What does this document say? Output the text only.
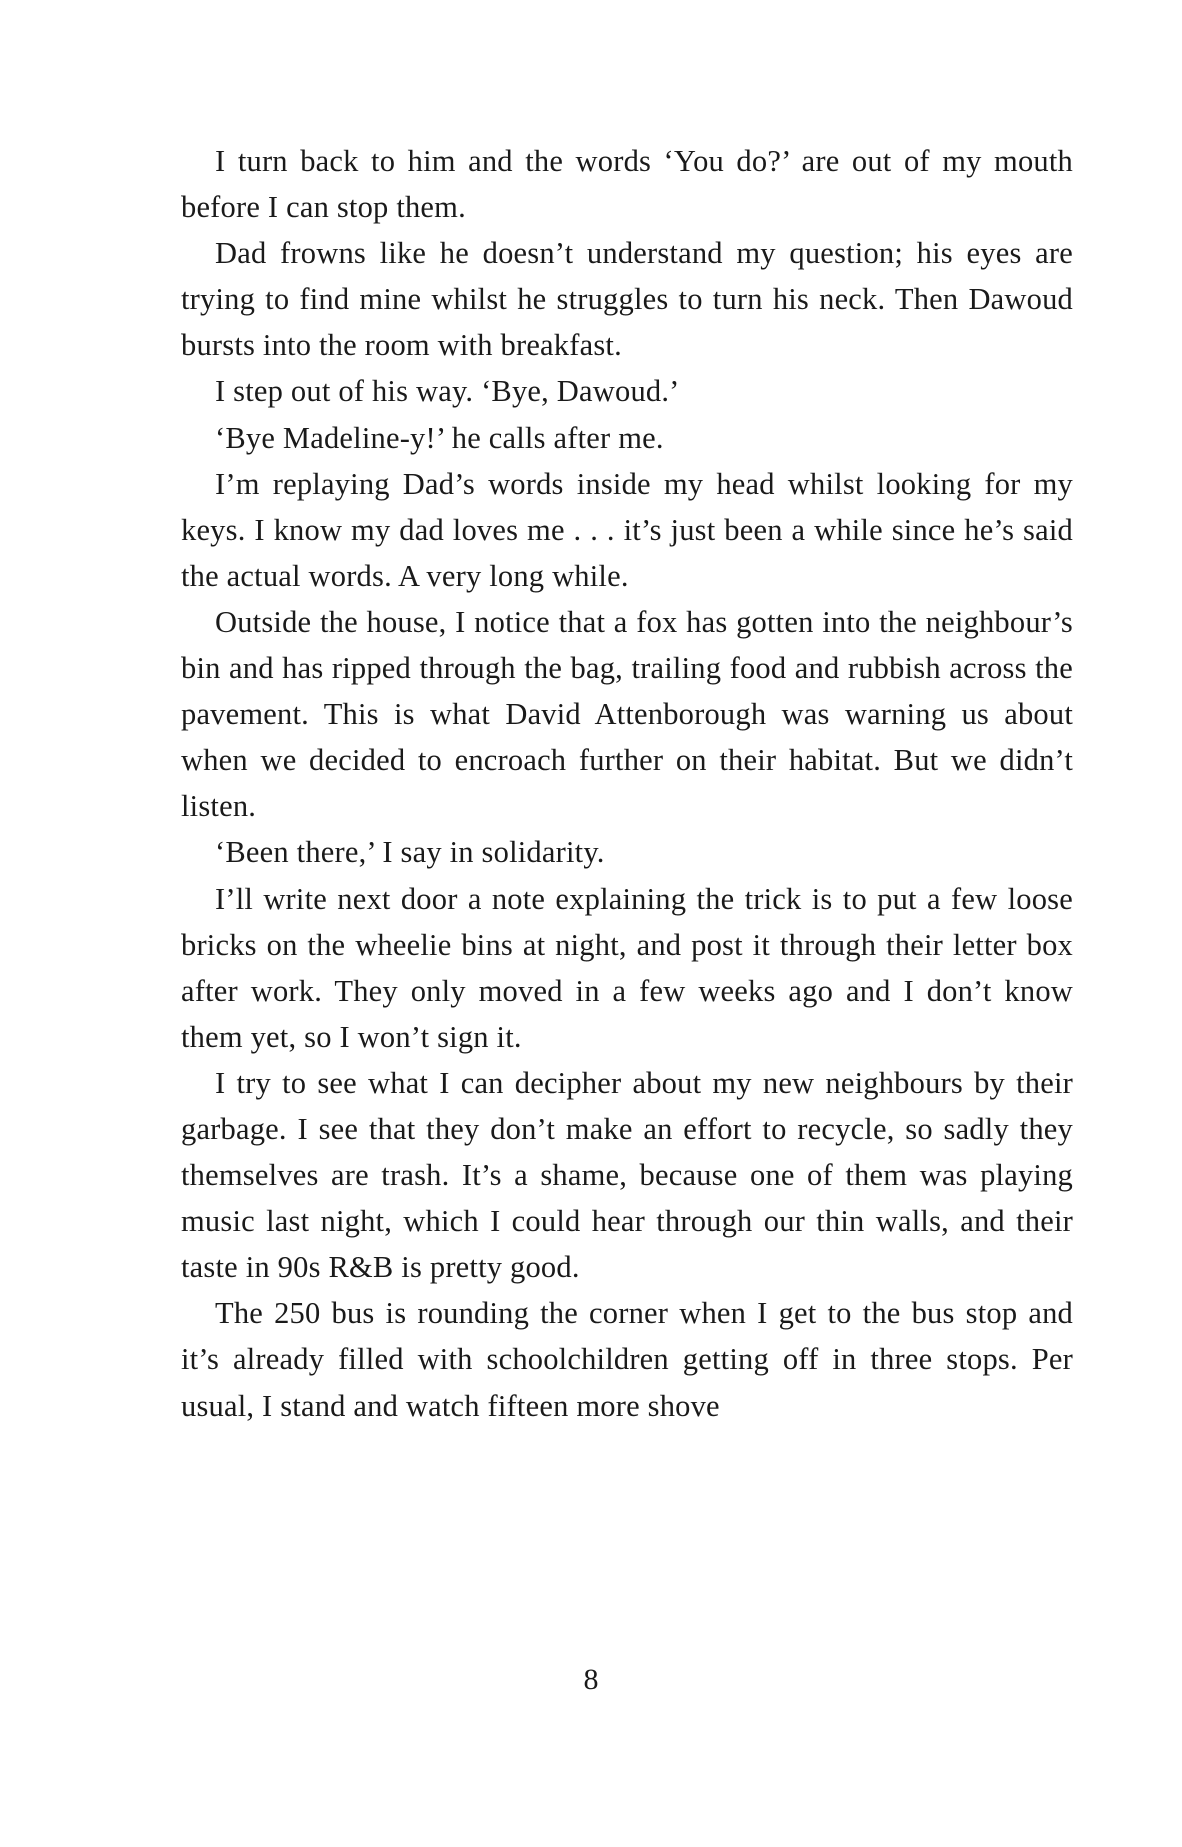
I turn back to him and the words ‘You do?’ are out of my mouth before I can stop them.

Dad frowns like he doesn’t understand my question; his eyes are trying to find mine whilst he struggles to turn his neck. Then Dawoud bursts into the room with breakfast.

I step out of his way. ‘Bye, Dawoud.’

‘Bye Madeline-y!’ he calls after me.

I’m replaying Dad’s words inside my head whilst looking for my keys. I know my dad loves me . . . it’s just been a while since he’s said the actual words. A very long while.

Outside the house, I notice that a fox has gotten into the neighbour’s bin and has ripped through the bag, trailing food and rubbish across the pavement. This is what David Attenborough was warning us about when we decided to encroach further on their habitat. But we didn’t listen.

‘Been there,’ I say in solidarity.

I’ll write next door a note explaining the trick is to put a few loose bricks on the wheelie bins at night, and post it through their letter box after work. They only moved in a few weeks ago and I don’t know them yet, so I won’t sign it.

I try to see what I can decipher about my new neighbours by their garbage. I see that they don’t make an effort to recycle, so sadly they themselves are trash. It’s a shame, because one of them was playing music last night, which I could hear through our thin walls, and their taste in 90s R&B is pretty good.

The 250 bus is rounding the corner when I get to the bus stop and it’s already filled with schoolchildren getting off in three stops. Per usual, I stand and watch fifteen more shove

8
